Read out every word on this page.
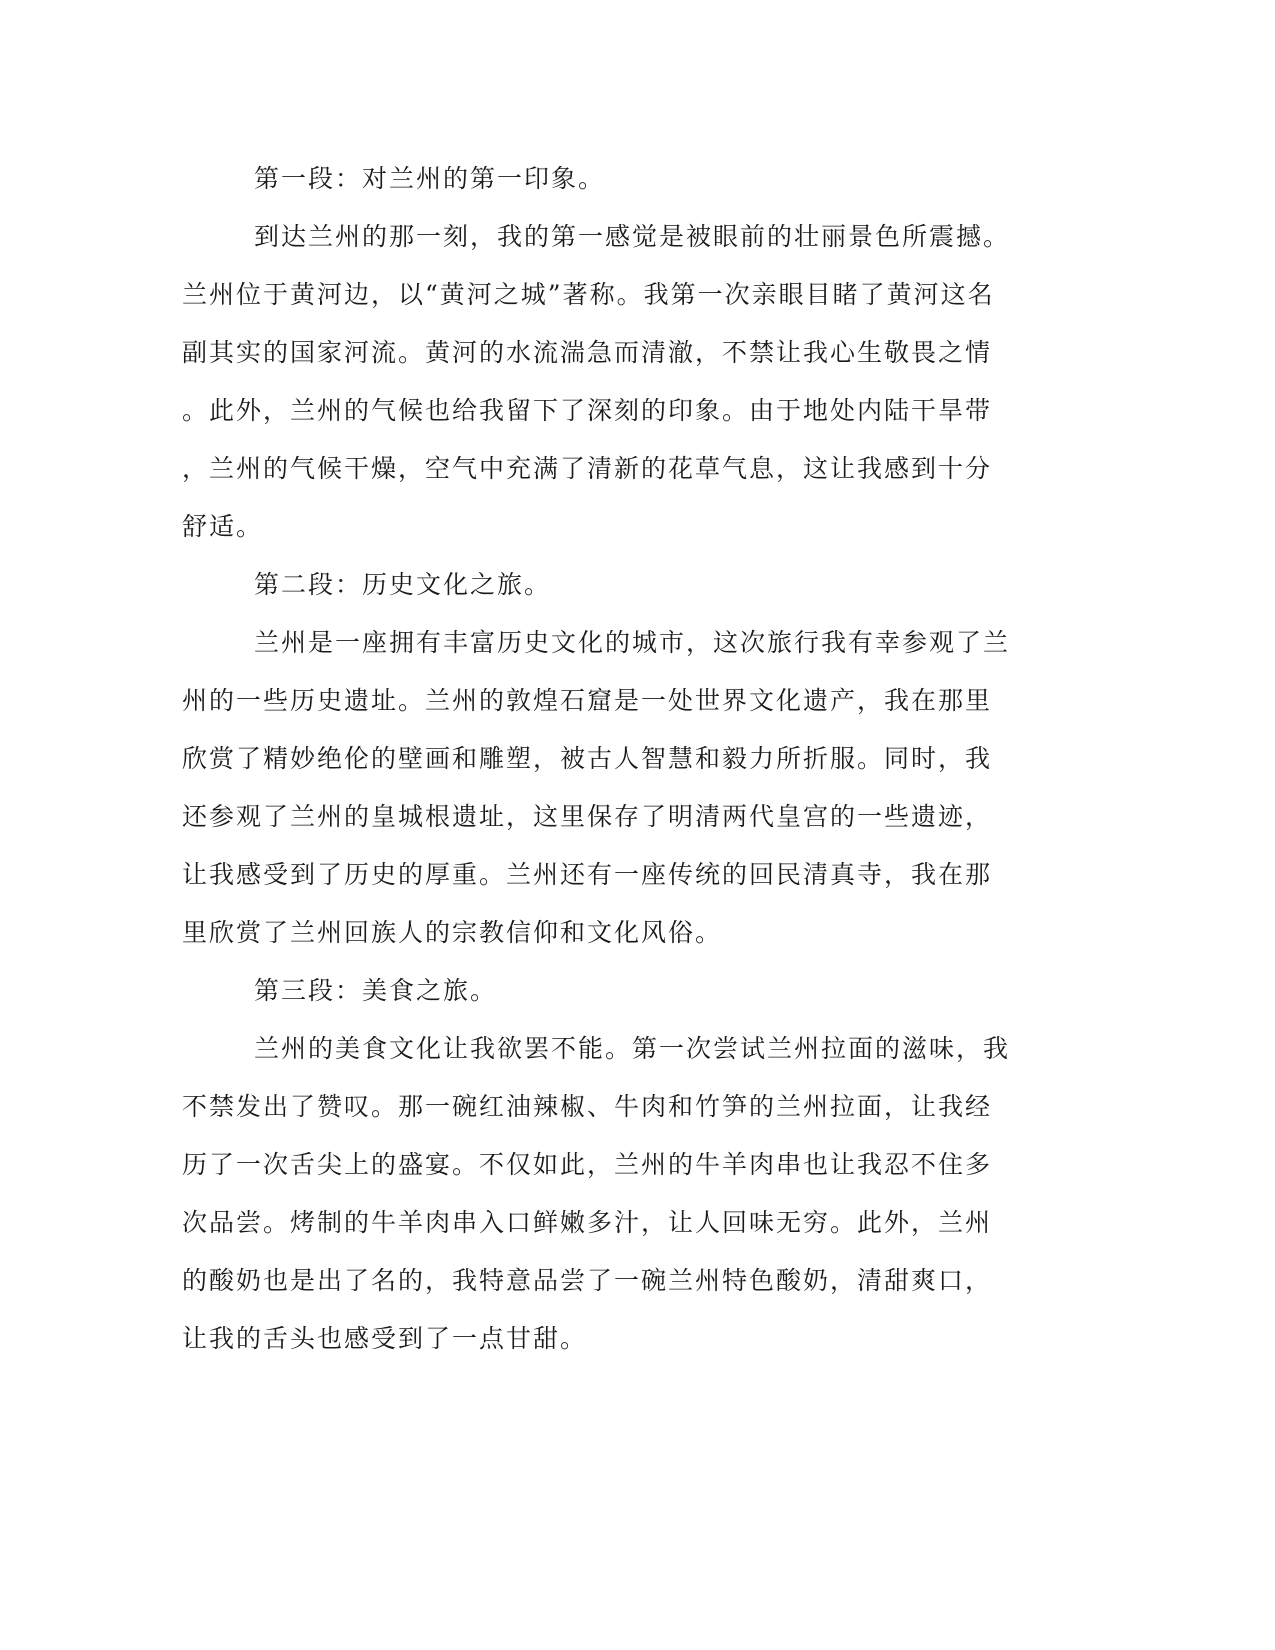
第一段：对兰州的第一印象。
到达兰州的那一刻，我的第一感觉是被眼前的壮丽景色所震撼。
兰州位于黄河边，以“黄河之城”著称。我第一次亲眼目睹了黄河这名
副其实的国家河流。黄河的水流湍急而清澈，不禁让我心生敬畏之情
。此外，兰州的气候也给我留下了深刻的印象。由于地处内陆干旱带
，兰州的气候干燥，空气中充满了清新的花草气息，这让我感到十分
舒适。
第二段：历史文化之旅。
兰州是一座拥有丰富历史文化的城市，这次旅行我有幸参观了兰
州的一些历史遗址。兰州的敦煌石窟是一处世界文化遗产，我在那里
欣赏了精妙绝伦的壁画和雕塑，被古人智慧和毅力所折服。同时，我
还参观了兰州的皇城根遗址，这里保存了明清两代皇宫的一些遗迹，
让我感受到了历史的厚重。兰州还有一座传统的回民清真寺，我在那
里欣赏了兰州回族人的宗教信仰和文化风俗。
第三段：美食之旅。
兰州的美食文化让我欲罢不能。第一次尝试兰州拉面的滋味，我
不禁发出了赞叹。那一碗红油辣椒、牛肉和竹笋的兰州拉面，让我经
历了一次舌尖上的盛宴。不仅如此，兰州的牛羊肉串也让我忍不住多
次品尝。烤制的牛羊肉串入口鲜嫩多汁，让人回味无穷。此外，兰州
的酸奶也是出了名的，我特意品尝了一碗兰州特色酸奶，清甜爽口，
让我的舌头也感受到了一点甘甜。
